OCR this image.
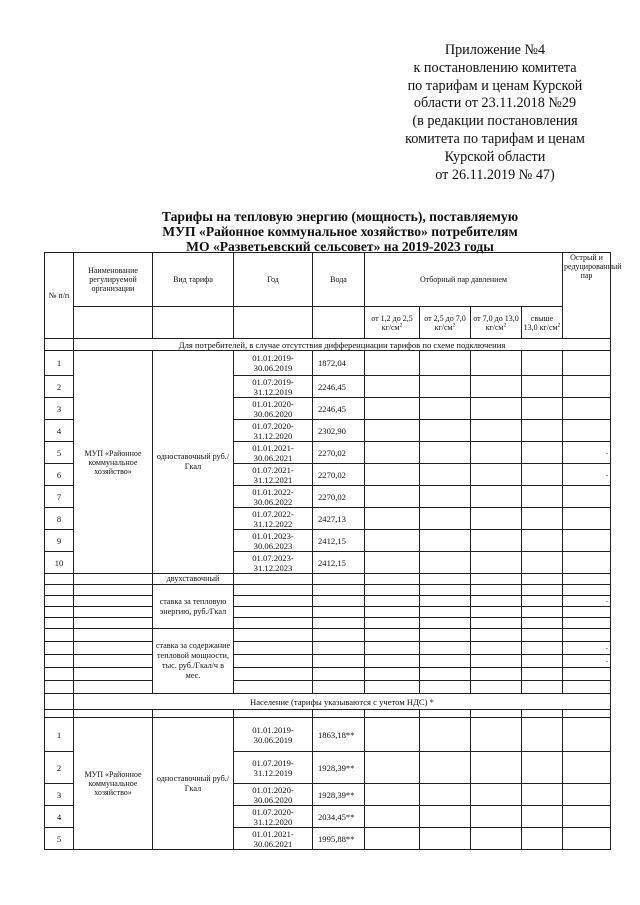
Приложение №4
к постановлению комитета
по тарифам и ценам Курской
области от 23.11.2018 №29
(в редакции постановления
комитета по тарифам и ценам
Курской области
от 26.11.2019 № 47)
Тарифы на тепловую энергию (мощность), поставляемую
МУП «Районное коммунальное хозяйство» потребителям
МО «Разветьевский сельсовет» на 2019-2023 годы
№ п/п	Наименование регулируемой организации	Вид тарифа	Год	Вода	Отборный пар давлением				Острый и редуцированный пар
					от 1,2 до 2,5 $кг/см^2$	от 2,5 до 7,0 $кг/см^2$	от 7,0 до 13,0 $кг/см^2$	свыше 13,0 $кг/см^2$
	Для потребителей, в случае отсутствия дифференциации тарифов по схеме подключения								
1	МУП «Районное коммунальное хозяйство»	одноставочный руб./Гкал	01.01.2019-30.06.2019	1872,04					
2			01.07.2019-31.12.2019	2246,45					
3			01.01.2020-30.06.2020	2246,45					
4			01.07.2020-31.12.2020	2302,90					
5			01.01.2021-30.06.2021	2270,02					-
6			01.07.2021-31.12.2021	2270,02					-
7			01.01.2022-30.06.2022	2270,02					
8			01.07.2022-31.12.2022	2427,13					
9			01.01.2023-30.06.2023	2412,15					
10			01.07.2023-31.12.2023	2412,15					
		двухставочный							
		ставка за тепловую энергию, руб./Гкал							
									-

		ставка за содержание тепловой мощности, тыс. руб./Гкал/ч в мес.							
									-
									-

	Население (тарифы указываются с учетом НДС) *								

1	МУП «Районное коммунальное хозяйство»	одноставочный руб./Гкал	01.01.2019-30.06.2019	1863,18**					
2			01.07.2019-31.12.2019	1928,39**					
3			01.01.2020-30.06.2020	1928,39**					
4			01.07.2020-31.12.2020	2034,45**					
5			01.01.2021-30.06.2021	1995,88**					
